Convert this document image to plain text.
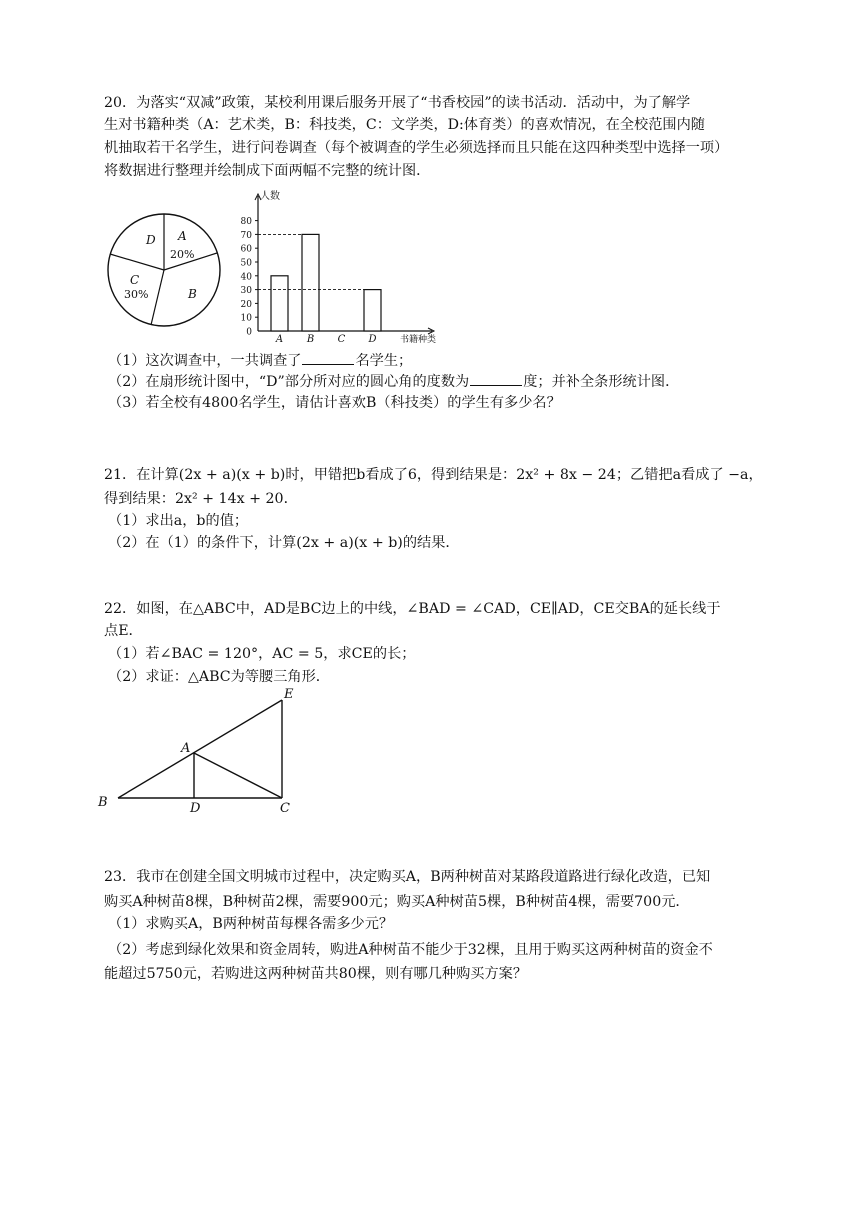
20．为落实“双减”政策，某校利用课后服务开展了“书香校园”的读书活动．活动中，为了解学
生对书籍种类（A：艺术类，B：科技类，C：文学类，D:体育类）的喜欢情况，在全校范围内随
机抽取若干名学生，进行问卷调查（每个被调查的学生必须选择而且只能在这四种类型中选择一项）
将数据进行整理并绘制成下面两幅不完整的统计图．
A
20%
B
C
30%
D
人数
书籍种类
0
10
20
30
40
50
60
70
80
A B C D
（1）这次调查中，一共调查了	名学生；
（2）在扇形统计图中，“D”部分所对应的圆心角的度数为	度；并补全条形统计图．
（3）若全校有4800名学生，请估计喜欢B（科技类）的学生有多少名？
21．在计算(2x + a)(x + b)时，甲错把b看成了6，得到结果是：2x² + 8x − 24；乙错把a看成了 −a，
得到结果：2x² + 14x + 20．
（1）求出a，b的值；
（2）在（1）的条件下，计算(2x + a)(x + b)的结果．
22．如图，在△ABC中，AD是BC边上的中线，∠BAD = ∠CAD，CE∥AD，CE交BA的延长线于
点E．
（1）若∠BAC = 120°，AC = 5，求CE的长；
（2）求证：△ABC为等腰三角形．
E
A
B	D	C
23．我市在创建全国文明城市过程中，决定购买A，B两种树苗对某路段道路进行绿化改造，已知
购买A种树苗8棵，B种树苗2棵，需要900元；购买A种树苗5棵，B种树苗4棵，需要700元．
（1）求购买A，B两种树苗每棵各需多少元？
（2）考虑到绿化效果和资金周转，购进A种树苗不能少于32棵，且用于购买这两种树苗的资金不
能超过5750元，若购进这两种树苗共80棵，则有哪几种购买方案？
